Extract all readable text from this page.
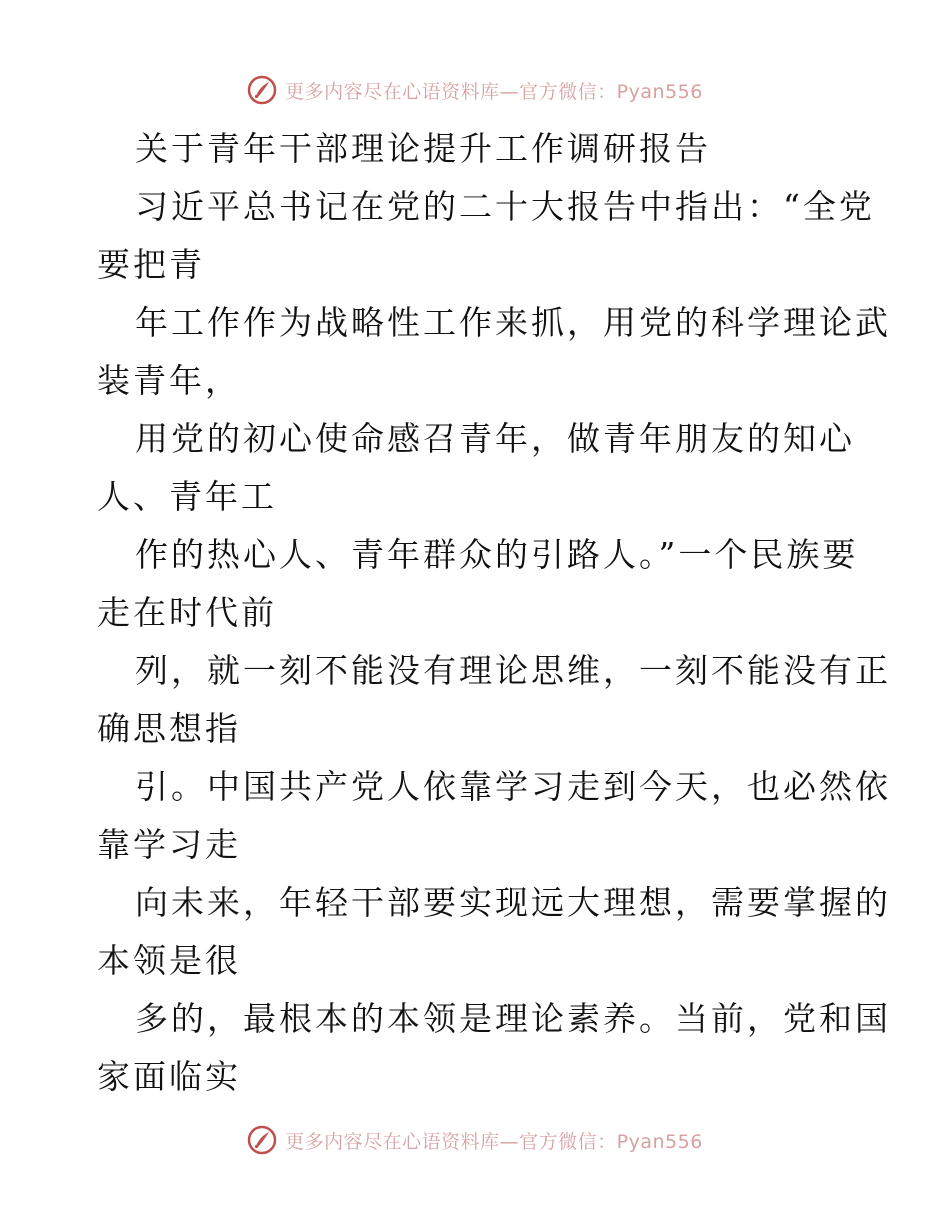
更多内容尽在心语资料库—官方微信：Pyan556
关于青年干部理论提升工作调研报告
习近平总书记在党的二十大报告中指出：“全党
要把青
年工作作为战略性工作来抓，用党的科学理论武
装青年，
用党的初心使命感召青年，做青年朋友的知心
人、青年工
作的热心人、青年群众的引路人。”一个民族要
走在时代前
列，就一刻不能没有理论思维，一刻不能没有正
确思想指
引。中国共产党人依靠学习走到今天，也必然依
靠学习走
向未来，年轻干部要实现远大理想，需要掌握的
本领是很
多的，最根本的本领是理论素养。当前，党和国
家面临实
更多内容尽在心语资料库—官方微信：Pyan556
